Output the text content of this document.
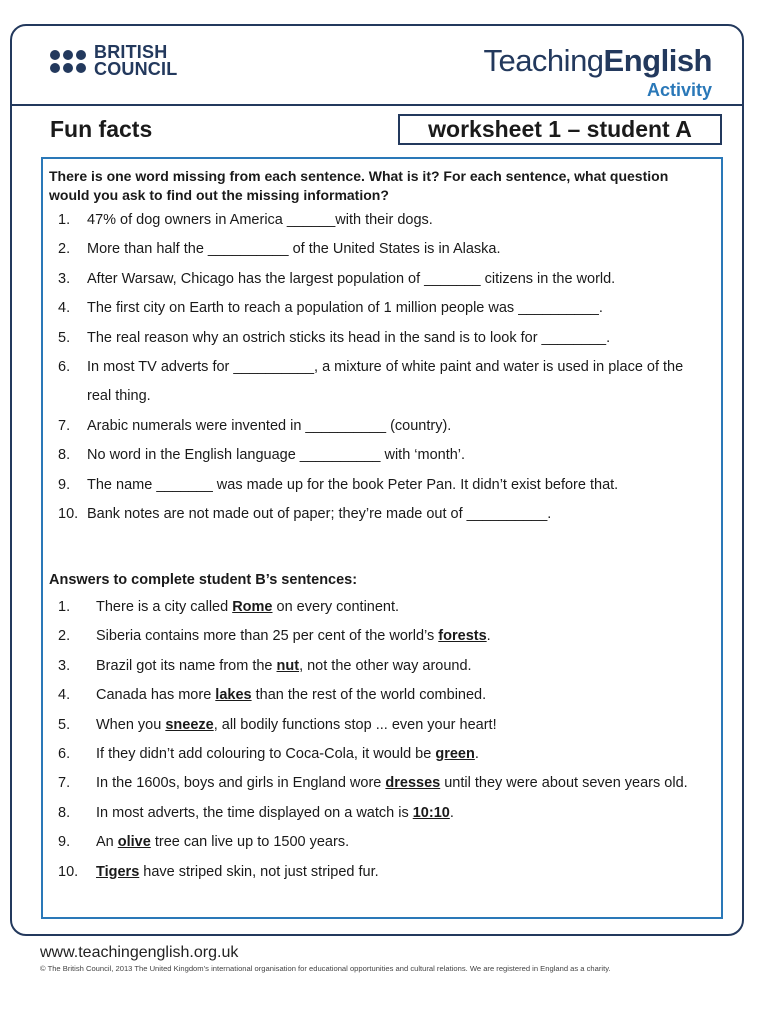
BRITISH
COUNCIL	TeachingEnglish
Activity
Fun facts	worksheet 1 – student A
There is one word missing from each sentence. What is it? For each sentence, what question would you ask to find out the missing information?
1.	47% of dog owners in America ______with their dogs.
2.	More than half the __________ of the United States is in Alaska.
3.	After Warsaw, Chicago has the largest population of _______ citizens in the world.
4.	The first city on Earth to reach a population of 1 million people was __________.
5.	The real reason why an ostrich sticks its head in the sand is to look for ________.
6.	In most TV adverts for __________, a mixture of white paint and water is used in place of the real thing.
7.	Arabic numerals were invented in __________ (country).
8.	No word in the English language __________ with ‘month’.
9.	The name _______ was made up for the book Peter Pan. It didn’t exist before that.
10. Bank notes are not made out of paper; they’re made out of __________.
Answers to complete student B’s sentences:
1.	There is a city called Rome on every continent.
2.	Siberia contains more than 25 per cent of the world’s forests.
3.	Brazil got its name from the nut, not the other way around.
4.	Canada has more lakes than the rest of the world combined.
5.	When you sneeze, all bodily functions stop ... even your heart!
6.	If they didn’t add colouring to Coca-Cola, it would be green.
7.	In the 1600s, boys and girls in England wore dresses until they were about seven years old.
8.	In most adverts, the time displayed on a watch is 10:10.
9.	An olive tree can live up to 1500 years.
10.	Tigers have striped skin, not just striped fur.
www.teachingenglish.org.uk
© The British Council, 2013 The United Kingdom’s international organisation for educational opportunities and cultural relations. We are registered in England as a charity.
